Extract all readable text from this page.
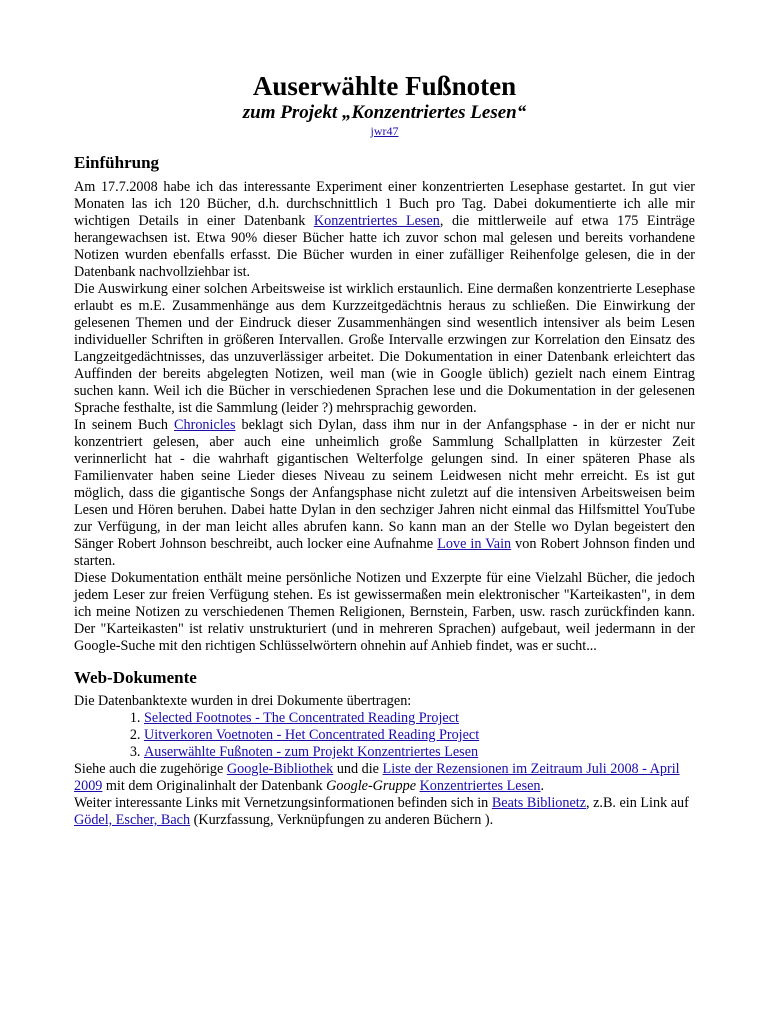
Auserwählte Fußnoten

zum Projekt „Konzentriertes Lesen“

jwr47

Einführung

Am 17.7.2008 habe ich das interessante Experiment einer konzentrierten Lesephase gestartet. In gut vier Monaten las ich 120 Bücher, d.h. durchschnittlich 1 Buch pro Tag. Dabei dokumentierte ich alle mir wichtigen Details in einer Datenbank Konzentriertes Lesen, die mittlerweile auf etwa 175 Einträge herangewachsen ist. Etwa 90% dieser Bücher hatte ich zuvor schon mal gelesen und bereits vorhandene Notizen wurden ebenfalls erfasst. Die Bücher wurden in einer zufälliger Reihenfolge gelesen, die in der Datenbank nachvollziehbar ist.

Die Auswirkung einer solchen Arbeitsweise ist wirklich erstaunlich. Eine dermaßen konzentrierte Lesephase erlaubt es m.E. Zusammenhänge aus dem Kurzzeitgedächtnis heraus zu schließen. Die Einwirkung der gelesenen Themen und der Eindruck dieser Zusammenhängen sind wesentlich intensiver als beim Lesen individueller Schriften in größeren Intervallen. Große Intervalle erzwingen zur Korrelation den Einsatz des Langzeitgedächtnisses, das unzuverlässiger arbeitet. Die Dokumentation in einer Datenbank erleichtert das Auffinden der bereits abgelegten Notizen, weil man (wie in Google üblich) gezielt nach einem Eintrag suchen kann. Weil ich die Bücher in verschiedenen Sprachen lese und die Dokumentation in der gelesenen Sprache festhalte, ist die Sammlung (leider ?) mehrsprachig geworden.

In seinem Buch Chronicles beklagt sich Dylan, dass ihm nur in der Anfangsphase - in der er nicht nur konzentriert gelesen, aber auch eine unheimlich große Sammlung Schallplatten in kürzester Zeit verinnerlicht hat - die wahrhaft gigantischen Welterfolge gelungen sind. In einer späteren Phase als Familienvater haben seine Lieder dieses Niveau zu seinem Leidwesen nicht mehr erreicht. Es ist gut möglich, dass die gigantische Songs der Anfangsphase nicht zuletzt auf die intensiven Arbeitsweisen beim Lesen und Hören beruhen. Dabei hatte Dylan in den sechziger Jahren nicht einmal das Hilfsmittel YouTube zur Verfügung, in der man leicht alles abrufen kann. So kann man an der Stelle wo Dylan begeistert den Sänger Robert Johnson beschreibt, auch locker eine Aufnahme Love in Vain von Robert Johnson finden und starten.

Diese Dokumentation enthält meine persönliche Notizen und Exzerpte für eine Vielzahl Bücher, die jedoch jedem Leser zur freien Verfügung stehen. Es ist gewissermaßen mein elektronischer "Karteikasten", in dem ich meine Notizen zu verschiedenen Themen Religionen, Bernstein, Farben, usw. rasch zurückfinden kann. Der "Karteikasten" ist relativ unstrukturiert (und in mehreren Sprachen) aufgebaut, weil jedermann in der Google-Suche mit den richtigen Schlüsselwörtern ohnehin auf Anhieb findet, was er sucht...

Web-Dokumente

Die Datenbanktexte wurden in drei Dokumente übertragen:

1. Selected Footnotes - The Concentrated Reading Project
2. Uitverkoren Voetnoten - Het Concentrated Reading Project
3. Auserwählte Fußnoten - zum Projekt Konzentriertes Lesen

Siehe auch die zugehörige Google-Bibliothek und die Liste der Rezensionen im Zeitraum Juli 2008 - April 2009 mit dem Originalinhalt der Datenbank Google-Gruppe Konzentriertes Lesen.

Weiter interessante Links mit Vernetzungsinformationen befinden sich in Beats Biblionetz, z.B. ein Link auf Gödel, Escher, Bach (Kurzfassung, Verknüpfungen zu anderen Büchern ).
